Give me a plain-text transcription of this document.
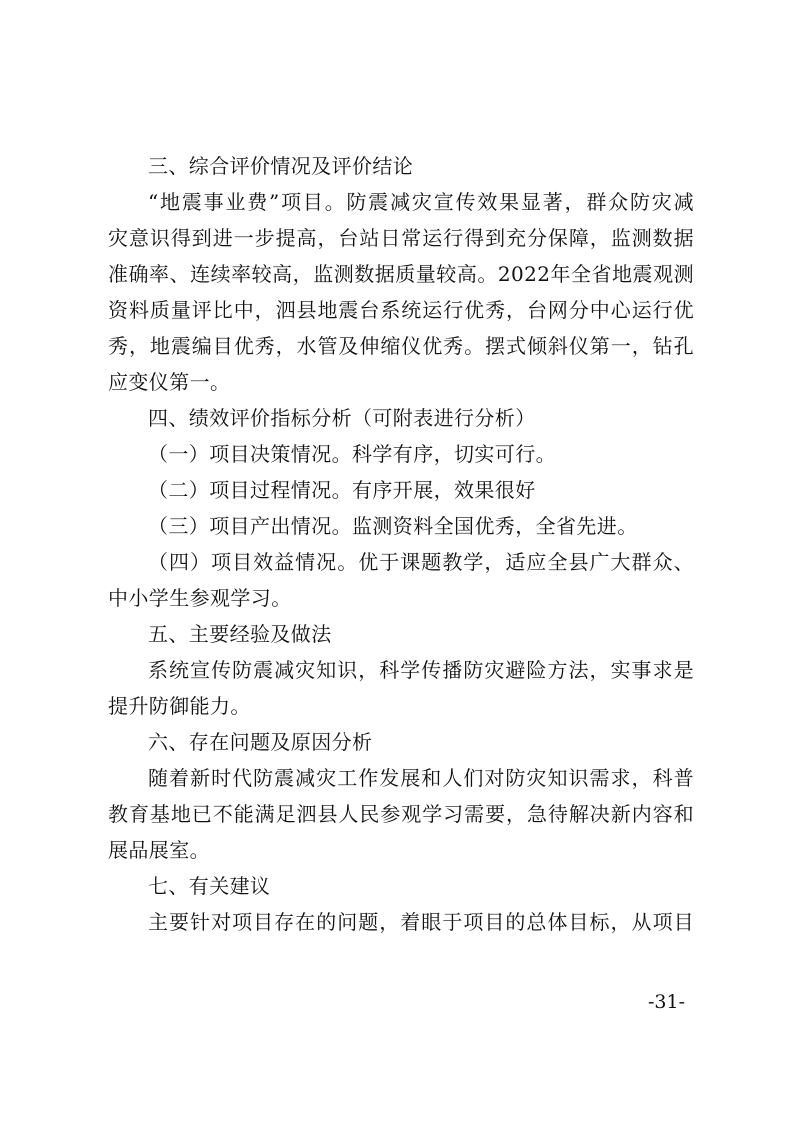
三、综合评价情况及评价结论

“地震事业费”项目。防震减灾宣传效果显著，群众防灾减

灾意识得到进一步提高，台站日常运行得到充分保障，监测数据

准确率、连续率较高，监测数据质量较高。2022年全省地震观测

资料质量评比中，泗县地震台系统运行优秀，台网分中心运行优

秀，地震编目优秀，水管及伸缩仪优秀。摆式倾斜仪第一，钻孔

应变仪第一。

四、绩效评价指标分析（可附表进行分析）

（一）项目决策情况。科学有序，切实可行。

（二）项目过程情况。有序开展，效果很好

（三）项目产出情况。监测资料全国优秀，全省先进。

（四）项目效益情况。优于课题教学，适应全县广大群众、

中小学生参观学习。

五、主要经验及做法

系统宣传防震减灾知识，科学传播防灾避险方法，实事求是

提升防御能力。

六、存在问题及原因分析

随着新时代防震减灾工作发展和人们对防灾知识需求，科普

教育基地已不能满足泗县人民参观学习需要，急待解决新内容和

展品展室。

七、有关建议

主要针对项目存在的问题，着眼于项目的总体目标，从项目

-31-
